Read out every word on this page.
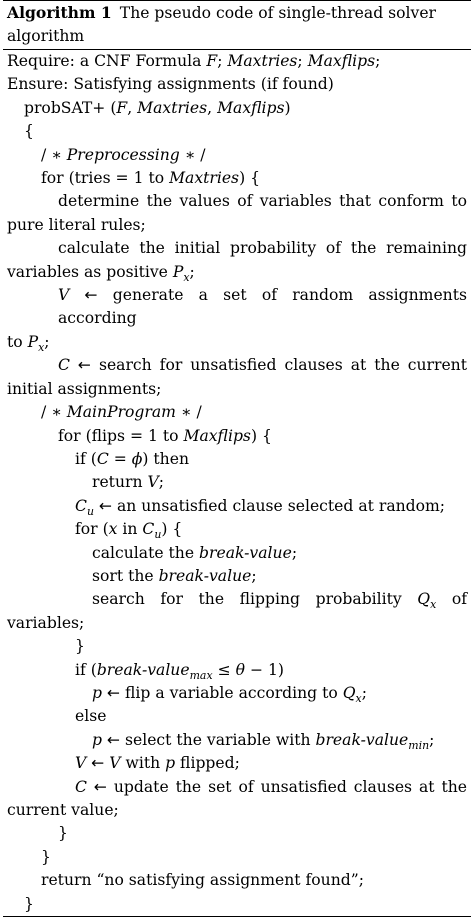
Algorithm 1 The pseudo code of single-thread solver algorithm
Require: a CNF Formula F; Maxtries; Maxflips;
Ensure: Satisfying assignments (if found)
probSAT+ (F, Maxtries, Maxflips)
{
/ ∗ Preprocessing ∗ /
for (tries = 1 to Maxtries) {
determine the values of variables that conform to
pure literal rules;
calculate the initial probability of the remaining
variables as positive $P_x$;
V ← generate a set of random assignments according
to $P_x$;
C ← search for unsatisfied clauses at the current
initial assignments;
/ ∗ MainProgram ∗ /
for (flips = 1 to Maxflips) {
if (C = ϕ) then
return V;
$C_u$ ← an unsatisfied clause selected at random;
for (x in $C_u$) {
calculate the break-value;
sort the break-value;
search for the flipping probability $Q_x$ of
variables;
}
if (break-value$_{max}$ ≤ θ − 1)
p ← flip a variable according to $Q_x$;
else
p ← select the variable with break-value$_{min}$;
V ← V with p flipped;
C ← update the set of unsatisfied clauses at the
current value;
}
}
return “no satisfying assignment found”;
}
